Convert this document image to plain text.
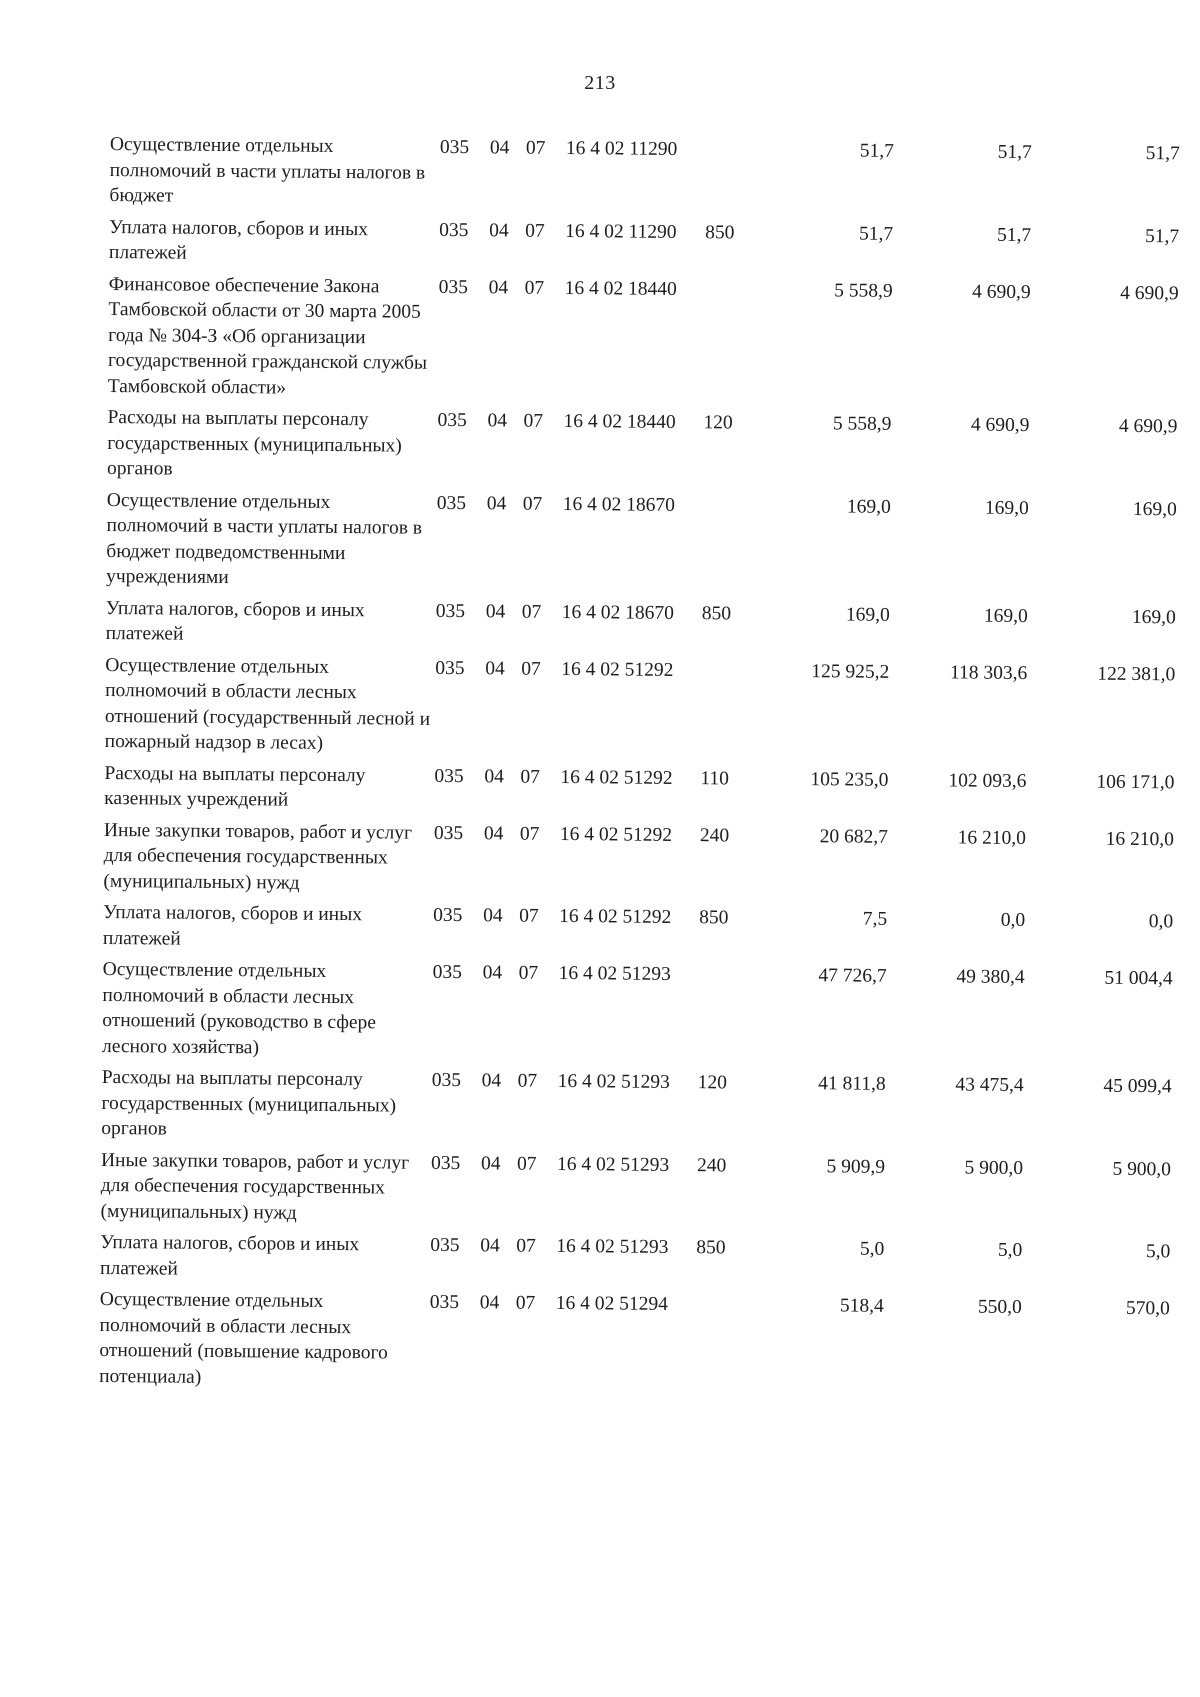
213
Осуществление отдельных полномочий в части уплаты налогов в бюджет	035	04	07	16 4 02 11290		51,7	51,7	51,7
Уплата налогов, сборов и иных платежей	035	04	07	16 4 02 11290	850	51,7	51,7	51,7
Финансовое обеспечение Закона Тамбовской области от 30 марта 2005 года № 304-З «Об организации государственной гражданской службы Тамбовской области»	035	04	07	16 4 02 18440		5 558,9	4 690,9	4 690,9
Расходы на выплаты персоналу государственных (муниципальных) органов	035	04	07	16 4 02 18440	120	5 558,9	4 690,9	4 690,9
Осуществление отдельных полномочий в части уплаты налогов в бюджет подведомственными учреждениями	035	04	07	16 4 02 18670		169,0	169,0	169,0
Уплата налогов, сборов и иных платежей	035	04	07	16 4 02 18670	850	169,0	169,0	169,0
Осуществление отдельных полномочий в области лесных отношений (государственный лесной и пожарный надзор в лесах)	035	04	07	16 4 02 51292		125 925,2	118 303,6	122 381,0
Расходы на выплаты персоналу казенных учреждений	035	04	07	16 4 02 51292	110	105 235,0	102 093,6	106 171,0
Иные закупки товаров, работ и услуг для обеспечения государственных (муниципальных) нужд	035	04	07	16 4 02 51292	240	20 682,7	16 210,0	16 210,0
Уплата налогов, сборов и иных платежей	035	04	07	16 4 02 51292	850	7,5	0,0	0,0
Осуществление отдельных полномочий в области лесных отношений (руководство в сфере лесного хозяйства)	035	04	07	16 4 02 51293		47 726,7	49 380,4	51 004,4
Расходы на выплаты персоналу государственных (муниципальных) органов	035	04	07	16 4 02 51293	120	41 811,8	43 475,4	45 099,4
Иные закупки товаров, работ и услуг для обеспечения государственных (муниципальных) нужд	035	04	07	16 4 02 51293	240	5 909,9	5 900,0	5 900,0
Уплата налогов, сборов и иных платежей	035	04	07	16 4 02 51293	850	5,0	5,0	5,0
Осуществление отдельных полномочий в области лесных отношений (повышение кадрового потенциала)	035	04	07	16 4 02 51294		518,4	550,0	570,0
